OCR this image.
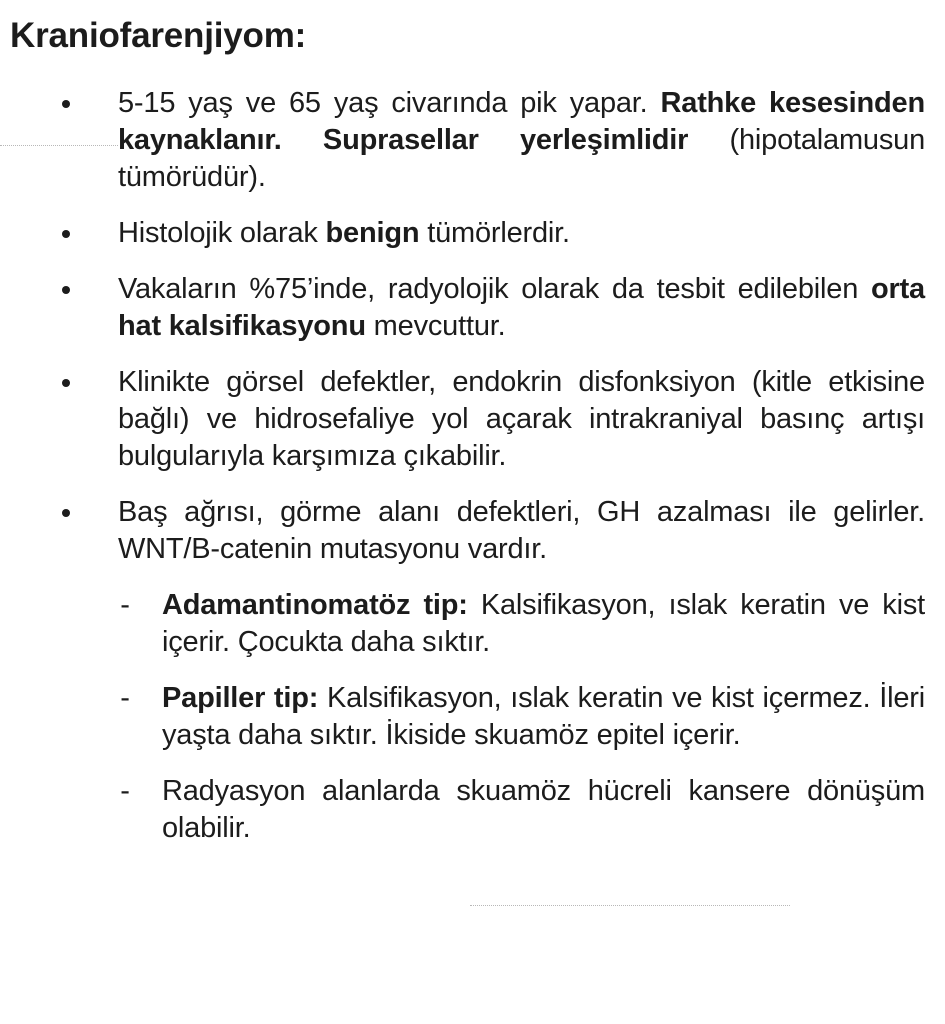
Kraniofarenjiyom:
5-15 yaş ve 65 yaş civarında pik yapar. Rathke kesesinden kaynaklanır. Suprasellar yerleşimlidir (hipotalamusun tümörüdür).
Histolojik olarak benign tümörlerdir.
Vakaların %75’inde, radyolojik olarak da tesbit edilebilen orta hat kalsifikasyonu mevcuttur.
Klinikte görsel defektler, endokrin disfonksiyon (kitle etkisine bağlı) ve hidrosefaliye yol açarak intrakraniyal basınç artışı bulgularıyla karşımıza çıkabilir.
Baş ağrısı, görme alanı defektleri, GH azalması ile gelirler. WNT/B-catenin mutasyonu vardır.
- Adamantinomatöz tip: Kalsifikasyon, ıslak keratin ve kist içerir. Çocukta daha sıktır.
- Papiller tip: Kalsifikasyon, ıslak keratin ve kist içermez. İleri yaşta daha sıktır. İkiside skuamöz epitel içerir.
- Radyasyon alanlarda skuamöz hücreli kansere dönüşüm olabilir.
